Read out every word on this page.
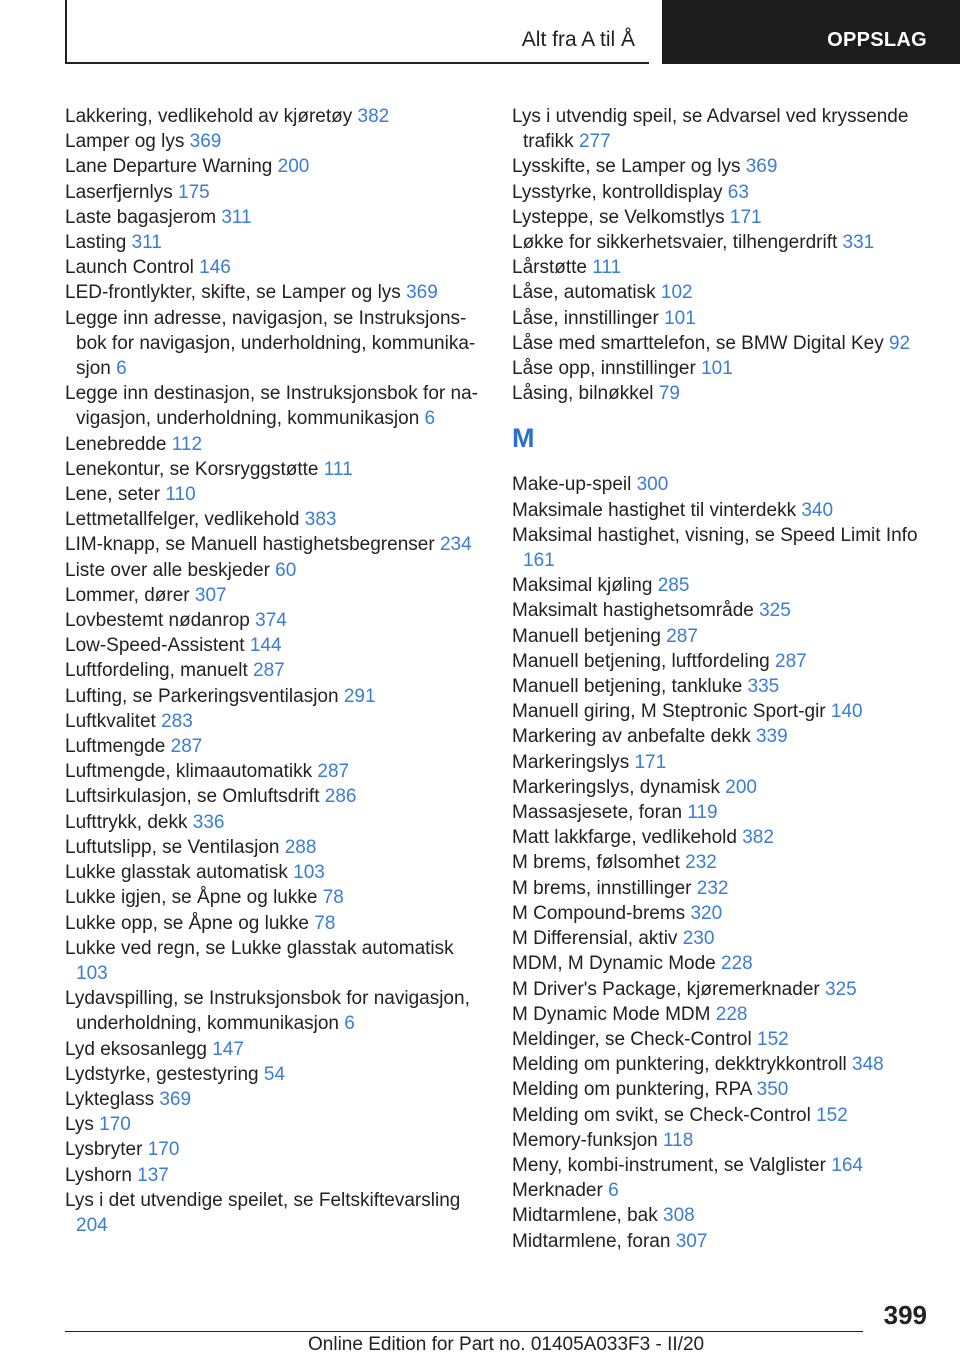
Alt fra A til Å	OPPSLAG
Lakkering, vedlikehold av kjøretøy 382
Lamper og lys 369
Lane Departure Warning 200
Laserfjernlys 175
Laste bagasjerom 311
Lasting 311
Launch Control 146
LED-frontlykter, skifte, se Lamper og lys 369
Legge inn adresse, navigasjon, se Instruksjonsbok for navigasjon, underholdning, kommunikasjon 6
Legge inn destinasjon, se Instruksjonsbok for navigasjon, underholdning, kommunikasjon 6
Lenebredde 112
Lenekontur, se Korsryggstøtte 111
Lene, seter 110
Lettmetallfelger, vedlikehold 383
LIM-knapp, se Manuell hastighetsbegrenser 234
Liste over alle beskjeder 60
Lommer, dører 307
Lovbestemt nødanrop 374
Low-Speed-Assistent 144
Luftfordeling, manuelt 287
Lufting, se Parkeringsventilasjon 291
Luftkvalitet 283
Luftmengde 287
Luftmengde, klimaautomatikk 287
Luftsirkulasjon, se Omluftsdrift 286
Lufttrykk, dekk 336
Luftutslipp, se Ventilasjon 288
Lukke glasstak automatisk 103
Lukke igjen, se Åpne og lukke 78
Lukke opp, se Åpne og lukke 78
Lukke ved regn, se Lukke glasstak automatisk 103
Lydavspilling, se Instruksjonsbok for navigasjon, underholdning, kommunikasjon 6
Lyd eksosanlegg 147
Lydstyrke, gestestyring 54
Lykteglass 369
Lys 170
Lysbryter 170
Lyshorn 137
Lys i det utvendige speilet, se Feltskiftevarsling 204
Lys i utvendig speil, se Advarsel ved kryssende trafikk 277
Lysskifte, se Lamper og lys 369
Lysstyrke, kontrolldisplay 63
Lysteppe, se Velkomstlys 171
Løkke for sikkerhetsvaier, tilhengerdrift 331
Lårstøtte 111
Låse, automatisk 102
Låse, innstillinger 101
Låse med smarttelefon, se BMW Digital Key 92
Låse opp, innstillinger 101
Låsing, bilnøkkel 79
M
Make-up-speil 300
Maksimale hastighet til vinterdekk 340
Maksimal hastighet, visning, se Speed Limit Info 161
Maksimal kjøling 285
Maksimalt hastighetsområde 325
Manuell betjening 287
Manuell betjening, luftfordeling 287
Manuell betjening, tankluke 335
Manuell giring, M Steptronic Sport-gir 140
Markering av anbefalte dekk 339
Markeringslys 171
Markeringslys, dynamisk 200
Massasjesete, foran 119
Matt lakkfarge, vedlikehold 382
M brems, følsomhet 232
M brems, innstillinger 232
M Compound-brems 320
M Differensial, aktiv 230
MDM, M Dynamic Mode 228
M Driver's Package, kjøremerknader 325
M Dynamic Mode MDM 228
Meldinger, se Check-Control 152
Melding om punktering, dekktrykkontroll 348
Melding om punktering, RPA 350
Melding om svikt, se Check-Control 152
Memory-funksjon 118
Meny, kombi-instrument, se Valglister 164
Merknader 6
Midtarmlene, bak 308
Midtarmlene, foran 307
399
Online Edition for Part no. 01405A033F3 - II/20
